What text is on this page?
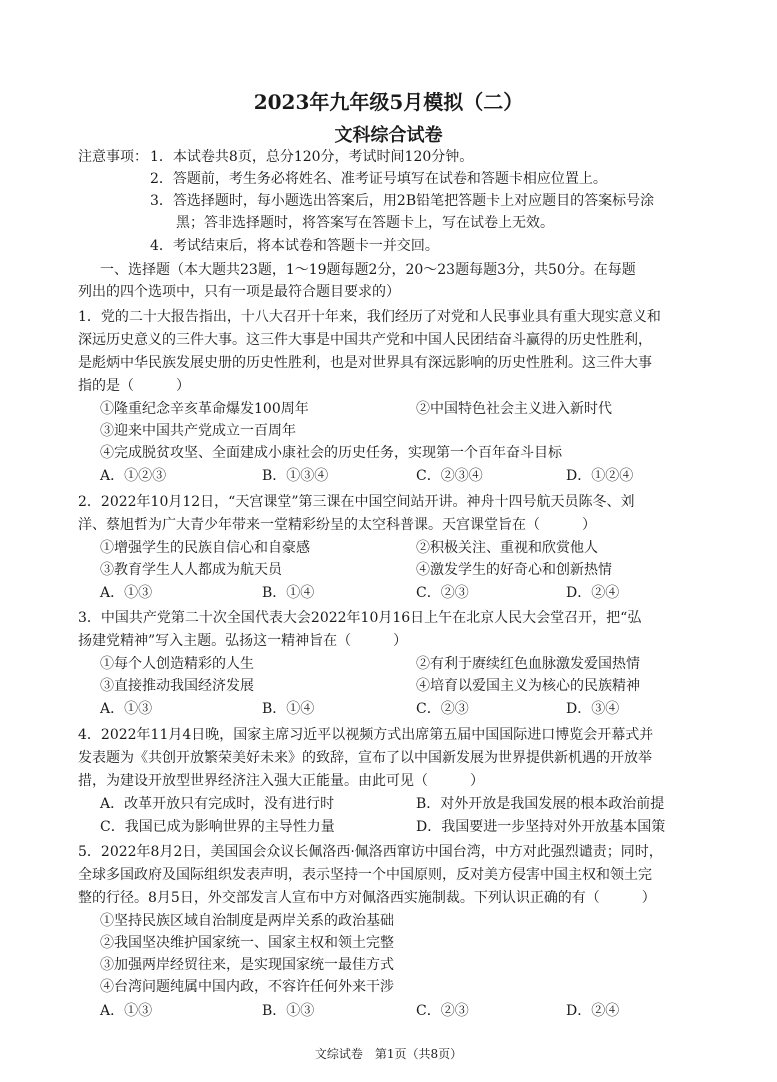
2023年九年级5月模拟（二）
文科综合试卷
注意事项： 1．本试卷共8页，总分120分，考试时间120分钟。
2．答题前，考生务必将姓名、准考证号填写在试卷和答题卡相应位置上。
3．答选择题时，每小题选出答案后，用2B铅笔把答题卡上对应题目的答案标号涂
黑；答非选择题时，将答案写在答题卡上，写在试卷上无效。
4．考试结束后，将本试卷和答题卡一并交回。
一、选择题（本大题共23题，1～19题每题2分，20～23题每题3分，共50分。在每题
列出的四个选项中，只有一项是最符合题目要求的）
1．党的二十大报告指出，十八大召开十年来，我们经历了对党和人民事业具有重大现实意义和
深远历史意义的三件大事。这三件大事是中国共产党和中国人民团结奋斗赢得的历史性胜利，
是彪炳中华民族发展史册的历史性胜利，也是对世界具有深远影响的历史性胜利。这三件大事
指的是（　　　）
①隆重纪念辛亥革命爆发100周年	②中国特色社会主义进入新时代
③迎来中国共产党成立一百周年
④完成脱贫攻坚、全面建成小康社会的历史任务，实现第一个百年奋斗目标
A．①②③	B．①③④	C．②③④	D．①②④
2．2022年10月12日，“天宫课堂”第三课在中国空间站开讲。神舟十四号航天员陈冬、刘
洋、蔡旭哲为广大青少年带来一堂精彩纷呈的太空科普课。天宫课堂旨在（　　　）
①增强学生的民族自信心和自豪感	②积极关注、重视和欣赏他人
③教育学生人人都成为航天员	④激发学生的好奇心和创新热情
A．①③	B．①④	C．②③	D．②④
3．中国共产党第二十次全国代表大会2022年10月16日上午在北京人民大会堂召开，把“弘
扬建党精神”写入主题。弘扬这一精神旨在（　　　）
①每个人创造精彩的人生	②有利于赓续红色血脉激发爱国热情
③直接推动我国经济发展	④培育以爱国主义为核心的民族精神
A．①③	B．①④	C．②③	D．③④
4．2022年11月4日晚，国家主席习近平以视频方式出席第五届中国国际进口博览会开幕式并
发表题为《共创开放繁荣美好未来》的致辞，宣布了以中国新发展为世界提供新机遇的开放举
措，为建设开放型世界经济注入强大正能量。由此可见（　　　）
A．改革开放只有完成时，没有进行时	B．对外开放是我国发展的根本政治前提
C．我国已成为影响世界的主导性力量	D．我国要进一步坚持对外开放基本国策
5．2022年8月2日，美国国会众议长佩洛西·佩洛西窜访中国台湾，中方对此强烈谴责；同时，
全球多国政府及国际组织发表声明，表示坚持一个中国原则，反对美方侵害中国主权和领土完
整的行径。8月5日，外交部发言人宣布中方对佩洛西实施制裁。下列认识正确的有（　　　）
①坚持民族区域自治制度是两岸关系的政治基础
②我国坚决维护国家统一、国家主权和领土完整
③加强两岸经贸往来，是实现国家统一最佳方式
④台湾问题纯属中国内政，不容许任何外来干涉
A．①③	B．①③	C．②③	D．②④
文综试卷　第1页（共8页）
